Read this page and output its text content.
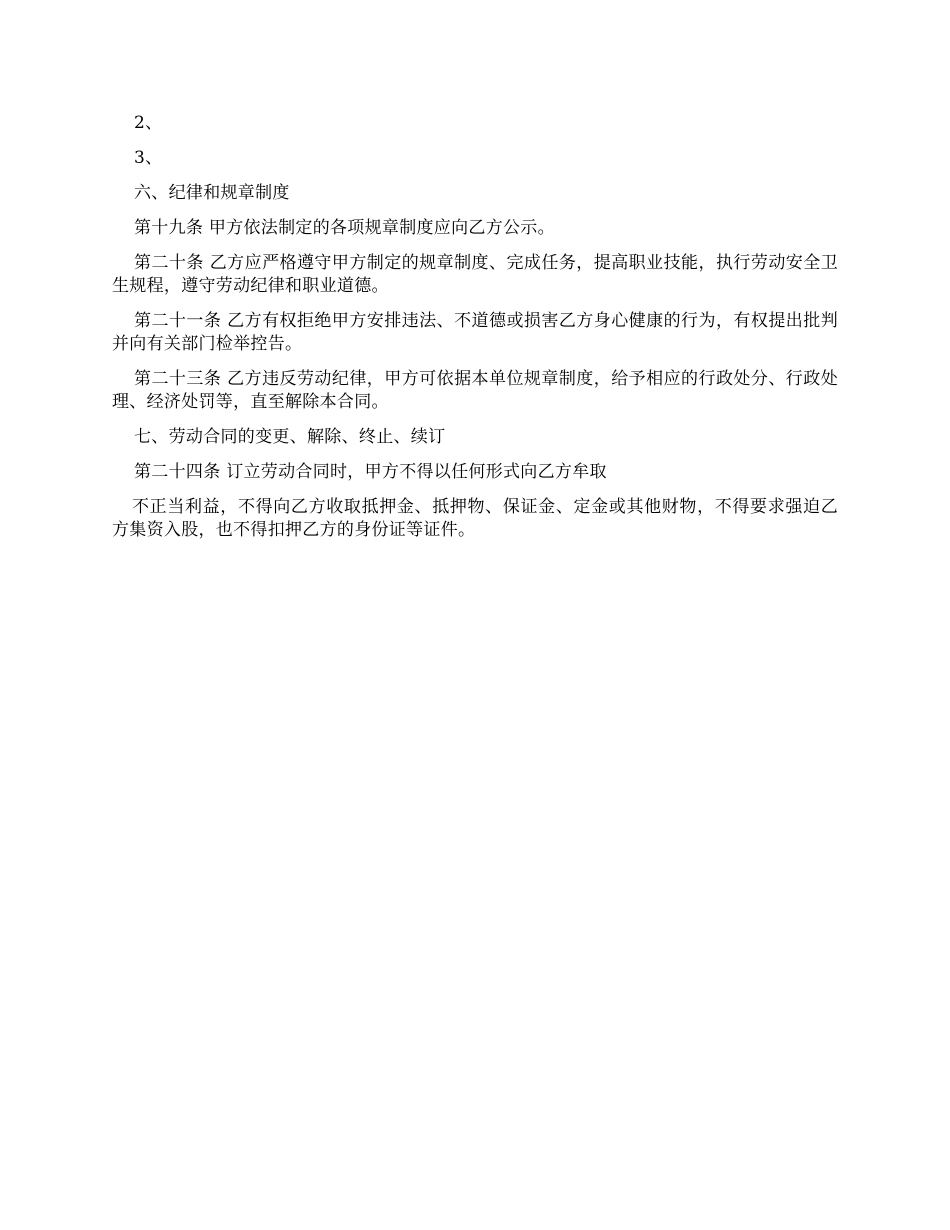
2、

3、

六、纪律和规章制度

第十九条 甲方依法制定的各项规章制度应向乙方公示。

第二十条 乙方应严格遵守甲方制定的规章制度、完成任务，提高职业技能，执行劳动安全卫生规程，遵守劳动纪律和职业道德。

第二十一条 乙方有权拒绝甲方安排违法、不道德或损害乙方身心健康的行为，有权提出批判并向有关部门检举控告。

第二十三条 乙方违反劳动纪律，甲方可依据本单位规章制度，给予相应的行政处分、行政处理、经济处罚等，直至解除本合同。

七、劳动合同的变更、解除、终止、续订

第二十四条 订立劳动合同时，甲方不得以任何形式向乙方牟取

不正当利益，不得向乙方收取抵押金、抵押物、保证金、定金或其他财物，不得要求强迫乙方集资入股，也不得扣押乙方的身份证等证件。
